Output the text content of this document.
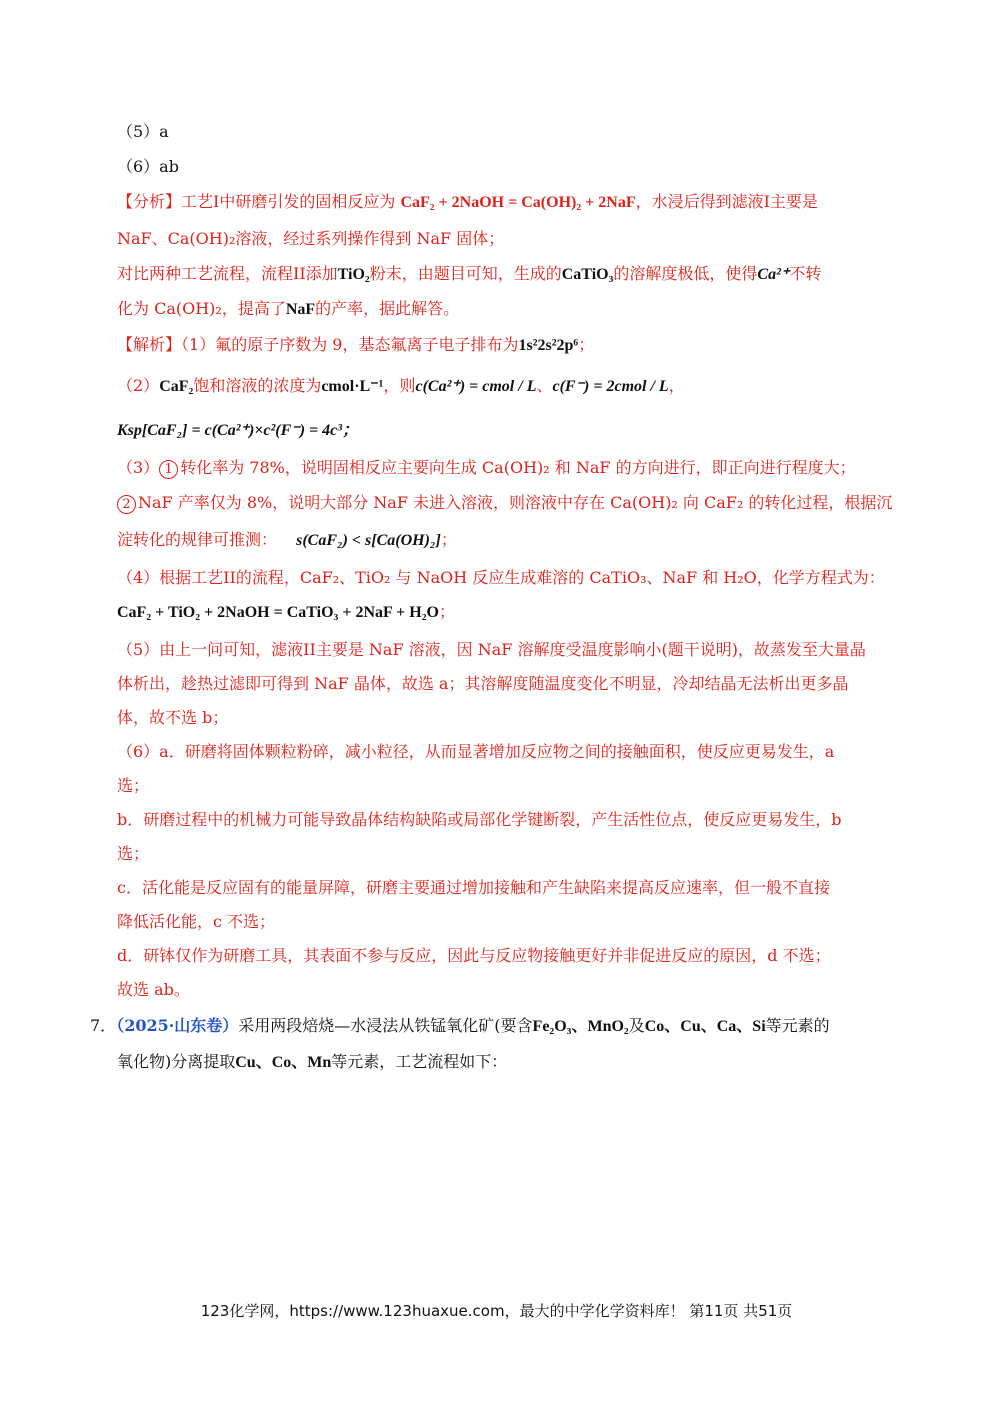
（5）a
（6）ab
【分析】工艺I中研磨引发的固相反应为 CaF₂ + 2NaOH = Ca(OH)₂ + 2NaF，水浸后得到滤液I主要是
NaF、Ca(OH)₂溶液，经过系列操作得到 NaF 固体；
对比两种工艺流程，流程II添加TiO₂粉末，由题目可知，生成的CaTiO₃的溶解度极低，使得Ca²⁺不转
化为 Ca(OH)₂，提高了NaF的产率，据此解答。
【解析】（1）氟的原子序数为 9，基态氟离子电子排布为1s²2s²2p⁶；
（2）CaF₂饱和溶液的浓度为cmol·L⁻¹，则c(Ca²⁺) = cmol / L、c(F⁻) = 2cmol / L，
Ksp[CaF₂] = c(Ca²⁺)×c²(F⁻) = 4c³；
（3） 1 转化率为 78%，说明固相反应主要向生成 Ca(OH)₂ 和 NaF 的方向进行，即正向进行程度大；
2 NaF 产率仅为 8%，说明大部分 NaF 未进入溶液，则溶液中存在 Ca(OH)₂ 向 CaF₂ 的转化过程，根据沉
淀转化的规律可推测： s(CaF₂) < s[Ca(OH)₂]；
（4）根据工艺II的流程，CaF₂、TiO₂ 与 NaOH 反应生成难溶的 CaTiO₃、NaF 和 H₂O，化学方程式为：
CaF₂ + TiO₂ + 2NaOH = CaTiO₃ + 2NaF + H₂O；
（5）由上一问可知，滤液II主要是 NaF 溶液，因 NaF 溶解度受温度影响小(题干说明)，故蒸发至大量晶
体析出，趁热过滤即可得到 NaF 晶体，故选 a；其溶解度随温度变化不明显，冷却结晶无法析出更多晶
体，故不选 b；
（6）a．研磨将固体颗粒粉碎，减小粒径，从而显著增加反应物之间的接触面积，使反应更易发生，a
选；
b．研磨过程中的机械力可能导致晶体结构缺陷或局部化学键断裂，产生活性位点，使反应更易发生，b
选；
c．活化能是反应固有的能量屏障，研磨主要通过增加接触和产生缺陷来提高反应速率，但一般不直接
降低活化能，c 不选；
d．研钵仅作为研磨工具，其表面不参与反应，因此与反应物接触更好并非促进反应的原因，d 不选；
故选 ab。
7．（2025·山东卷）采用两段焙烧—水浸法从铁锰氧化矿(要含Fe₂O₃、MnO₂及Co、Cu、Ca、Si等元素的
氧化物)分离提取Cu、Co、Mn等元素，工艺流程如下：
123化学网，https://www.123huaxue.com，最大的中学化学资料库！ 第11页 共51页
